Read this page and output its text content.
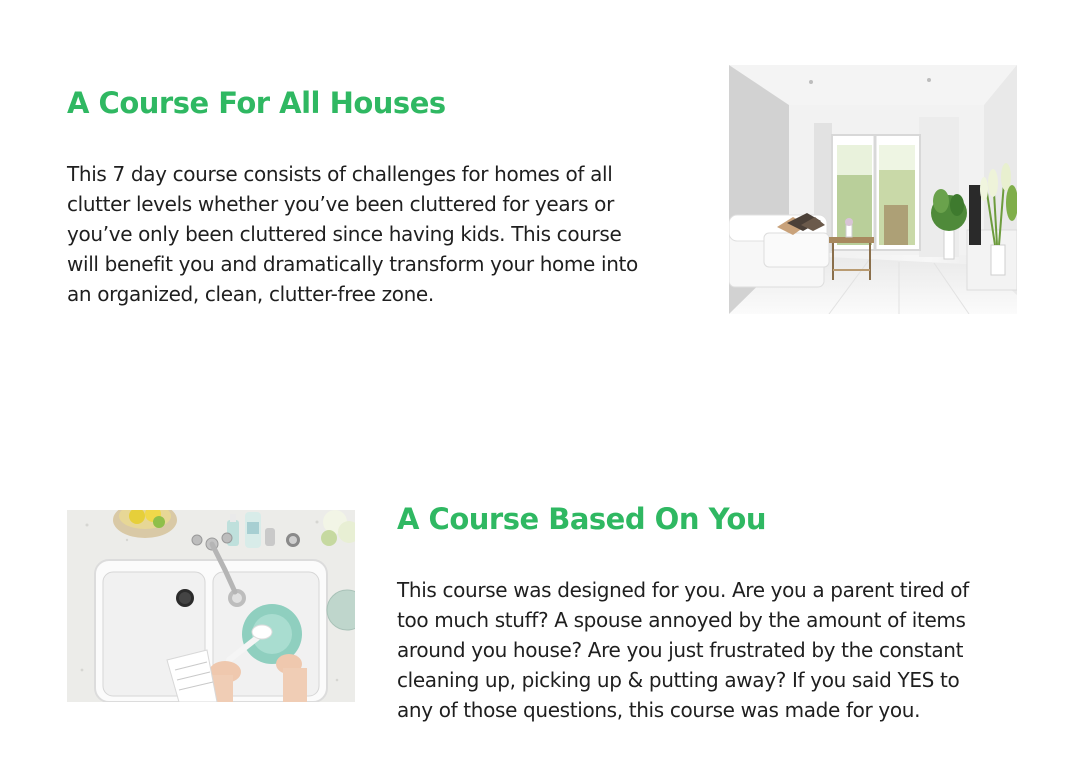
A Course For All Houses
This 7 day course consists of challenges for homes of all
clutter levels whether you’ve been cluttered for years or
you’ve only been cluttered since having kids. This course
will benefit you and dramatically transform your home into
an organized, clean, clutter-free zone.
A Course Based On You
This course was designed for you. Are you a parent tired of
too much stuff? A spouse annoyed by the amount of items
around you house? Are you just frustrated by the constant
cleaning up, picking up & putting away? If you said YES to
any of those questions, this course was made for you.
